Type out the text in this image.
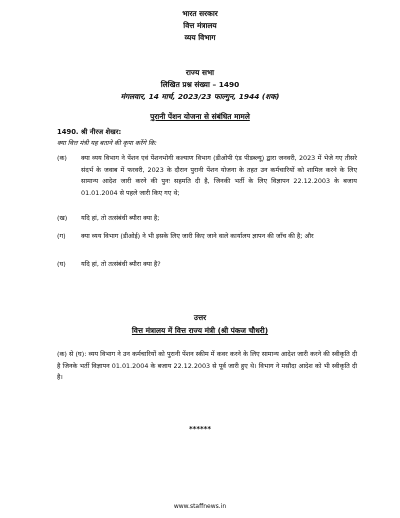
भारत सरकार
वित्त मंत्रालय
व्यय विभाग
राज्य सभा
लिखित प्रश्न संख्या – 1490
मंगलवार, 14 मार्च, 2023/23 फाल्गुन, 1944 (शक)
पुरानी पेंशन योजना से संबंधित मामले
1490. श्री नीरज शेखर:
क्या वित्त मंत्री यह बताने की कृपा करेंगे कि:
(क)	क्या व्यय विभाग ने पेंशन एवं पेंशनभोगी कल्याण विभाग (डीओपी एंड पीडब्ल्यू) द्वारा जनवरी, 2023 में भेजे गए तीसरे संदर्भ के जवाब में फरवरी, 2023 के दौरान पुरानी पेंशन योजना के तहत उन कर्मचारियों को शामिल करने के लिए सामान्य आदेश जारी करने की पुनः सहमति दी है, जिनकी भर्ती के लिए विज्ञापन 22.12.2003 के बजाय 01.01.2004 से पहले जारी किए गए थे;
(ख)	यदि हां, तो तत्संबंधी ब्यौरा क्या है;
(ग)	क्या व्यय विभाग (डीओई) ने भी इसके लिए जारी किए जाने वाले कार्यालय ज्ञापन की जाँच की है; और
(घ)	यदि हां, तो तत्संबंधी ब्यौरा क्या है?
उत्तर
वित्त मंत्रालय में वित्त राज्य मंत्री (श्री पंकज चौधरी)
(क) से (घ): व्यय विभाग ने उन कर्मचारियों को पुरानी पेंशन स्कीम में कवर करने के लिए सामान्य आदेश जारी करने की स्वीकृति दी है जिनके भर्ती विज्ञापन 01.01.2004 के बजाय 22.12.2003 से पूर्व जारी हुए थे। विभाग ने मसौदा आदेश को भी स्वीकृति दी है।
******
www.staffnews.in
